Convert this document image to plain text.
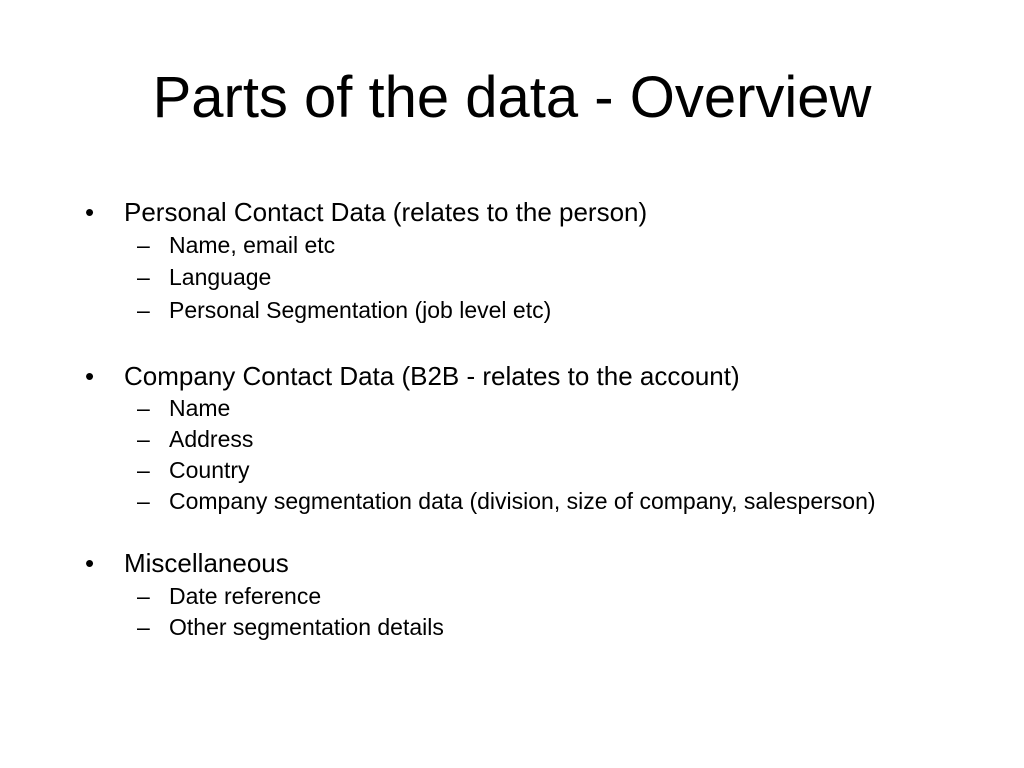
Parts of the data - Overview
• Personal Contact Data (relates to the person)
– Name, email etc
– Language
– Personal Segmentation (job level etc)
• Company Contact Data (B2B - relates to the account)
– Name
– Address
– Country
– Company segmentation data (division, size of company, salesperson)
• Miscellaneous
– Date reference
– Other segmentation details
